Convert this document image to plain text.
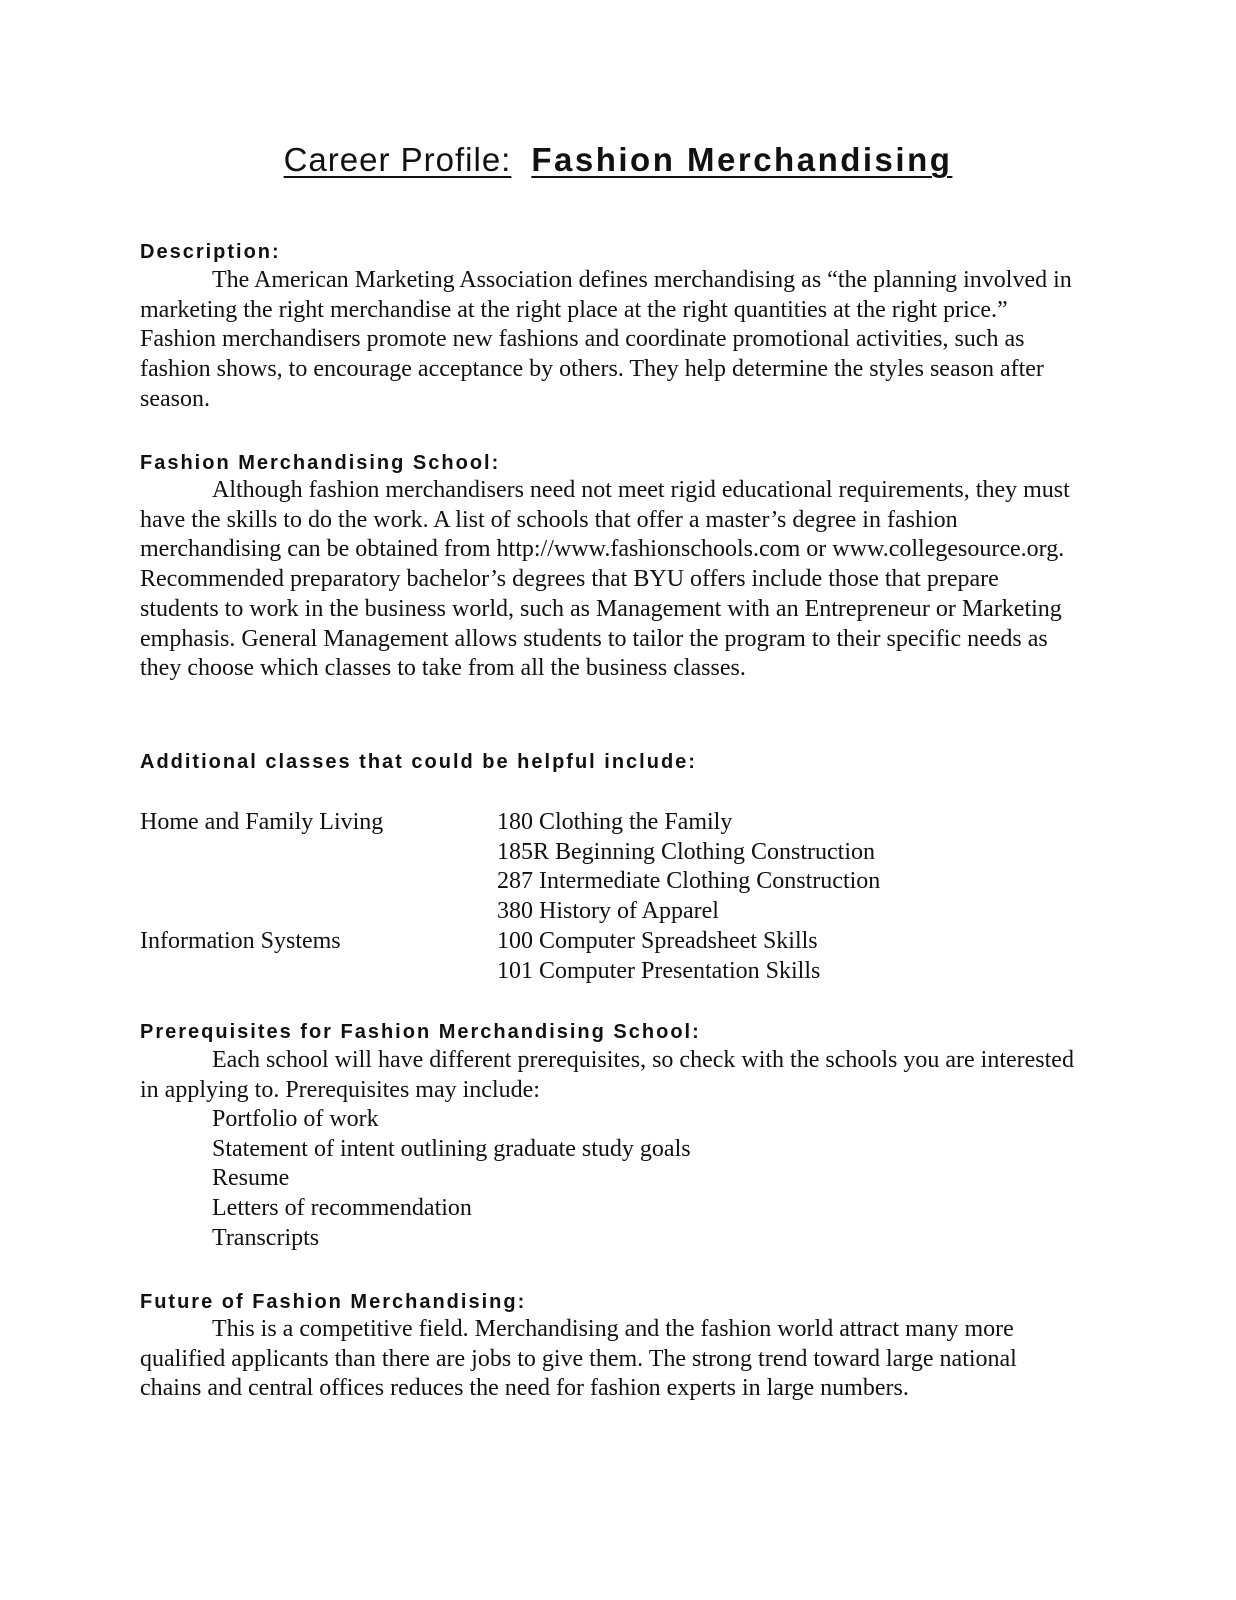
Career Profile: Fashion Merchandising
Description:

The American Marketing Association defines merchandising as “the planning involved in marketing the right merchandise at the right place at the right quantities at the right price.” Fashion merchandisers promote new fashions and coordinate promotional activities, such as fashion shows, to encourage acceptance by others. They help determine the styles season after season.

Fashion Merchandising School:

Although fashion merchandisers need not meet rigid educational requirements, they must have the skills to do the work. A list of schools that offer a master’s degree in fashion merchandising can be obtained from http://www.fashionschools.com or www.collegesource.org. Recommended preparatory bachelor’s degrees that BYU offers include those that prepare students to work in the business world, such as Management with an Entrepreneur or Marketing emphasis. General Management allows students to tailor the program to their specific needs as they choose which classes to take from all the business classes.

Additional classes that could be helpful include:
Home and Family Living	180 Clothing the Family
185R Beginning Clothing Construction
287 Intermediate Clothing Construction
380 History of Apparel
Information Systems	100 Computer Spreadsheet Skills
101 Computer Presentation Skills
Prerequisites for Fashion Merchandising School:

Each school will have different prerequisites, so check with the schools you are interested in applying to. Prerequisites may include:

Portfolio of work
Statement of intent outlining graduate study goals
Resume
Letters of recommendation
Transcripts
Future of Fashion Merchandising:

This is a competitive field. Merchandising and the fashion world attract many more qualified applicants than there are jobs to give them. The strong trend toward large national chains and central offices reduces the need for fashion experts in large numbers.
